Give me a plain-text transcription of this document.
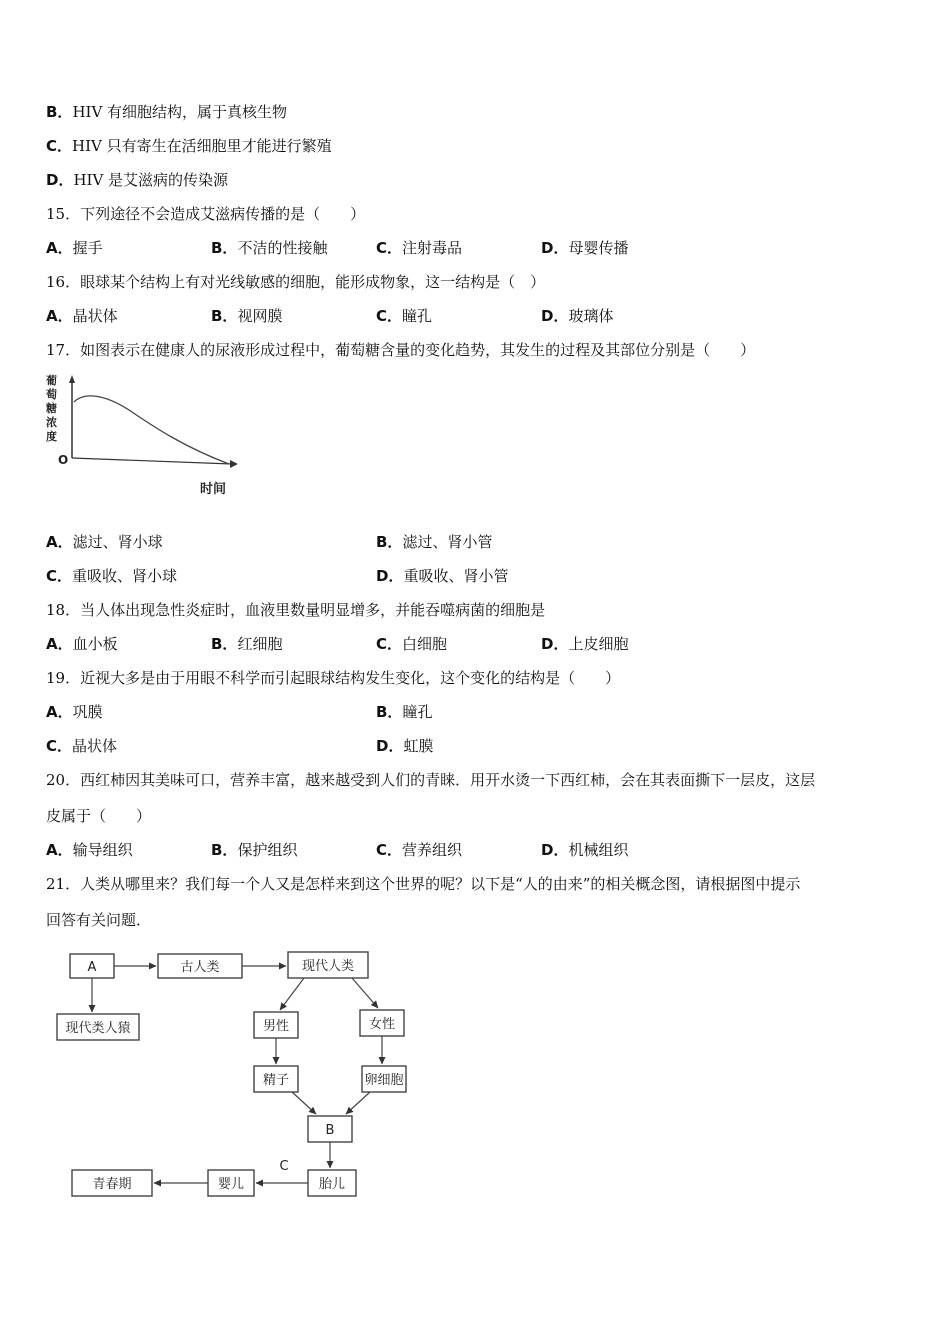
B．HIV 有细胞结构，属于真核生物
C．HIV 只有寄生在活细胞里才能进行繁殖
D．HIV 是艾滋病的传染源
15．下列途径不会造成艾滋病传播的是（　　）
A．握手	B．不洁的性接触	C．注射毒品	D．母婴传播
16．眼球某个结构上有对光线敏感的细胞，能形成物象，这一结构是（　）
A．晶状体	B．视网膜	C．瞳孔	D．玻璃体
17．如图表示在健康人的尿液形成过程中，葡萄糖含量的变化趋势，其发生的过程及其部位分别是（　　）
葡
萄
糖
浓
度
O
时间
A．滤过、肾小球	B．滤过、肾小管
C．重吸收、肾小球	D．重吸收、肾小管
18．当人体出现急性炎症时，血液里数量明显增多，并能吞噬病菌的细胞是
A．血小板	B．红细胞	C．白细胞	D．上皮细胞
19．近视大多是由于用眼不科学而引起眼球结构发生变化，这个变化的结构是（　　）
A．巩膜	B．瞳孔
C．晶状体	D．虹膜
20．西红柿因其美味可口，营养丰富，越来越受到人们的青睐．用开水烫一下西红柿，会在其表面撕下一层皮，这层
皮属于（　　）
A．输导组织	B．保护组织	C．营养组织	D．机械组织
21．人类从哪里来？我们每一个人又是怎样来到这个世界的呢？以下是“人的由来”的相关概念图，请根据图中提示
回答有关问题．
A	古人类	现代人类
现代类人猿	男性	女性
精子	卵细胞
B
C
胎儿
婴儿
青春期
